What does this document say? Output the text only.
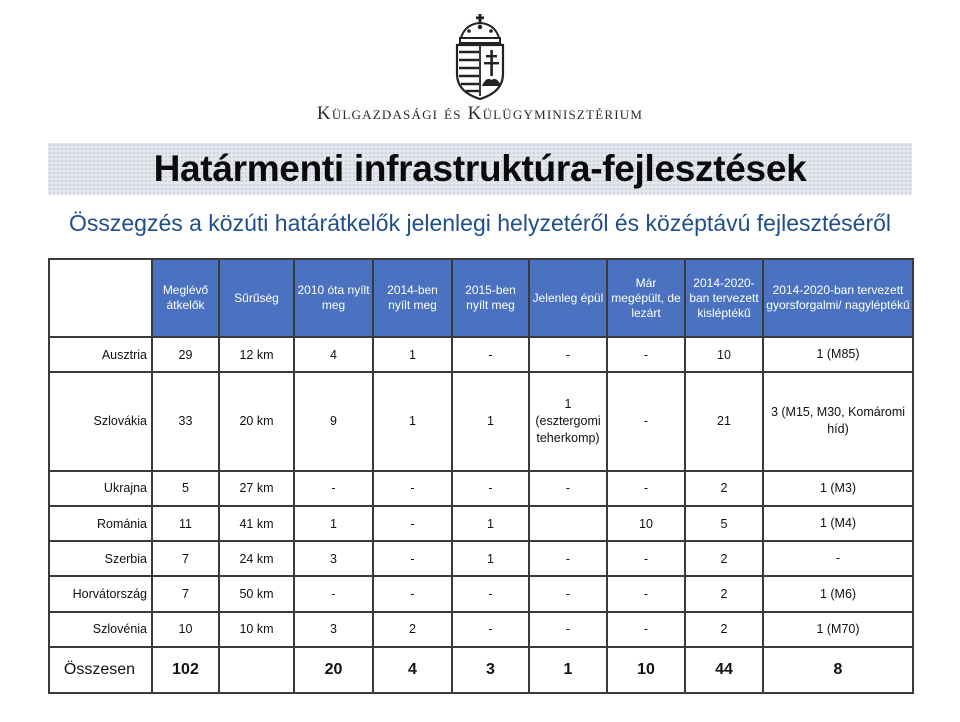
Külgazdasági és Külügyminisztérium
Határmenti infrastruktúra-fejlesztések
Összegzés a közúti határátkelők jelenlegi helyzetéről és középtávú fejlesztéséről
	Meglévő átkelők	Sűrűség	2010 óta nyílt meg	2014-ben nyílt meg	2015-ben nyílt meg	Jelenleg épül	Már megépült, de lezárt	2014-2020-ban tervezett kisléptékű	2014-2020-ban tervezett gyorsforgalmi/ nagyléptékű
Ausztria	29	12 km	4	1	-	-	-	10	1 (M85)
Szlovákia	33	20 km	9	1	1	1 (esztergomi teherkomp)	-	21	3 (M15, M30, Komáromi híd)
Ukrajna	5	27 km	-	-	-	-	-	2	1 (M3)
Románia	11	41 km	1	-	1		10	5	1 (M4)
Szerbia	7	24 km	3	-	1	-	-	2	-
Horvátország	7	50 km	-	-	-	-	-	2	1 (M6)
Szlovénia	10	10 km	3	2	-	-	-	2	1 (M70)
Összesen	102		20	4	3	1	10	44	8
